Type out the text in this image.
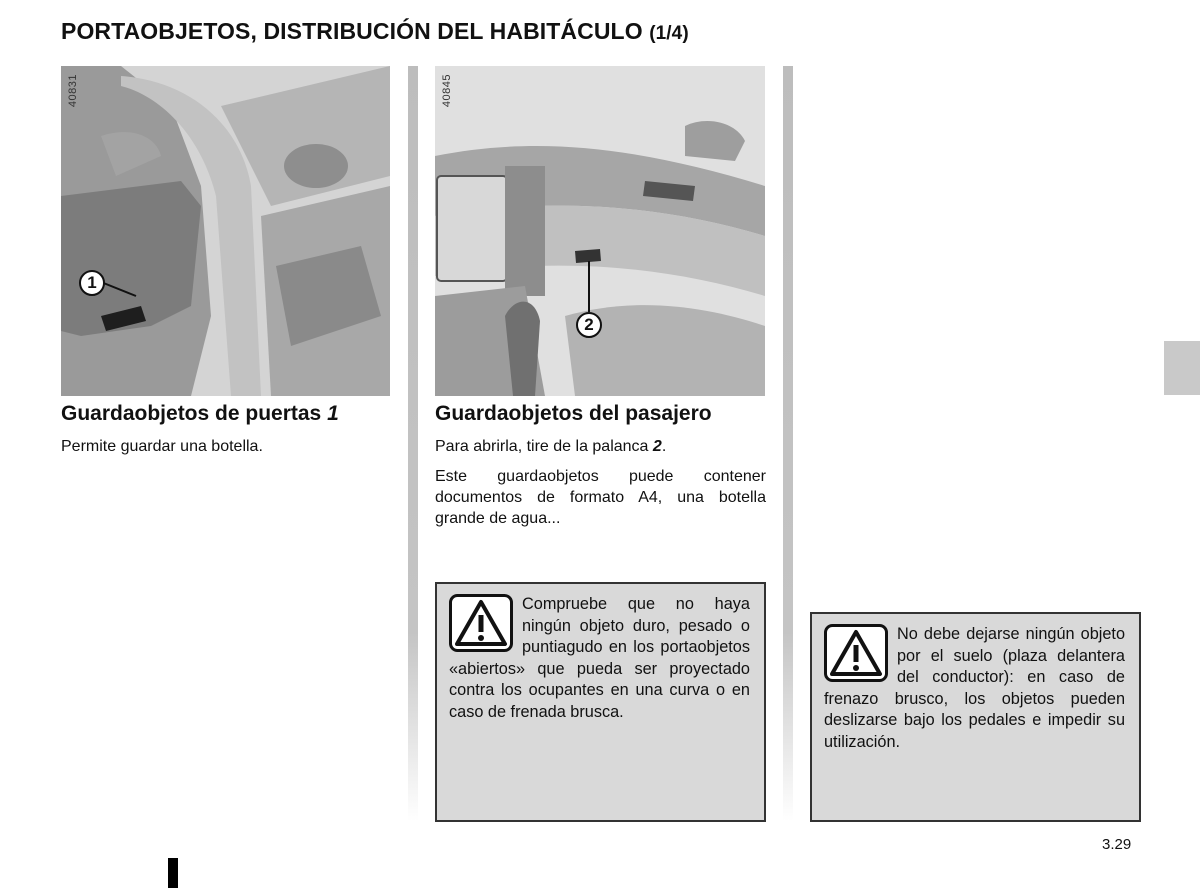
PORTAOBJETOS, DISTRIBUCIÓN DEL HABITÁCULO (1/4)
40831
1
40845
2
Guardaobjetos de puertas 1

Permite guardar una botella.

Guardaobjetos del pasajero

Para abrirla, tire de la palanca 2.

Este guardaobjetos puede contener documentos de formato A4, una botella grande de agua...

Compruebe que no haya ningún objeto duro, pesado o puntiagudo en los portaobjetos «abiertos» que pueda ser proyectado contra los ocupantes en una curva o en caso de frenada brusca.

No debe dejarse ningún objeto por el suelo (plaza delantera del conductor): en caso de frenazo brusco, los objetos pueden deslizarse bajo los pedales e impedir su utilización.

3.29
